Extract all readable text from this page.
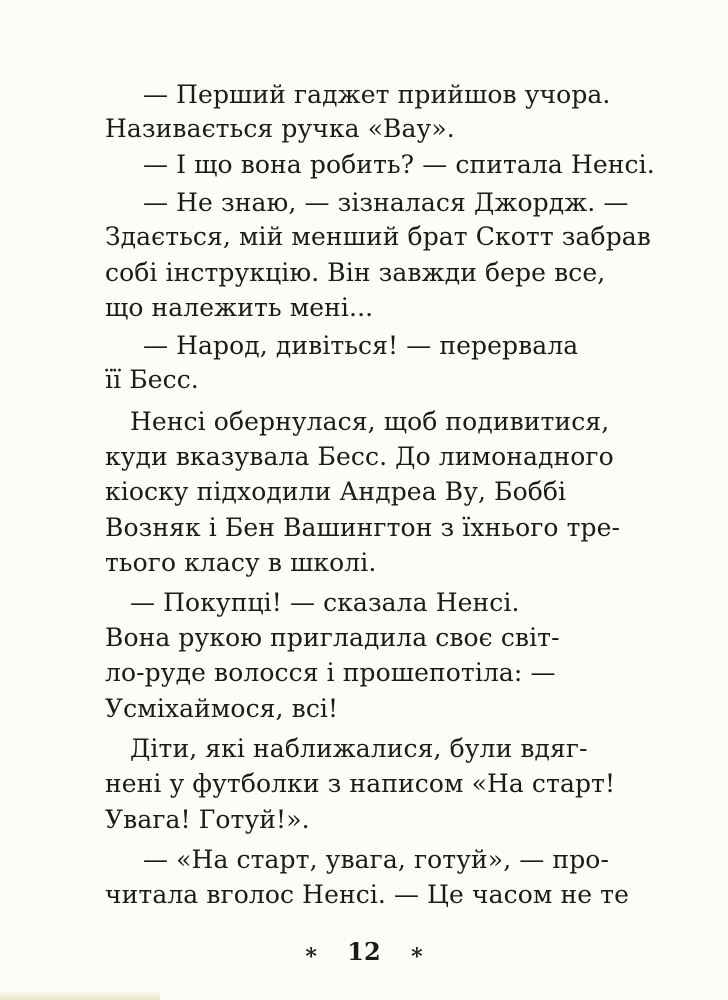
— Перший гаджет прийшов учора.
Називається ручка «Вау».
— І що вона робить? — спитала Ненсі.
— Не знаю, — зізналася Джордж. —
Здається, мій менший брат Скотт забрав
собі інструкцію. Він завжди бере все,
що належить мені...
— Народ, дивіться! — перервала
її Бесс.
Ненсі обернулася, щоб подивитися,
куди вказувала Бесс. До лимонадного
кіоску підходили Андреа Ву, Боббі
Возняк і Бен Вашингтон з їхнього тре-
тього класу в школі.
— Покупці! — сказала Ненсі.
Вона рукою пригладила своє світ-
ло-руде волосся і прошепотіла: —
Усміхаймося, всі!
Діти, які наближалися, були вдяг-
нені у футболки з написом «На старт!
Увага! Готуй!».
— «На старт, увага, готуй», — про-
читала вголос Ненсі. — Це часом не те
* 12 *
